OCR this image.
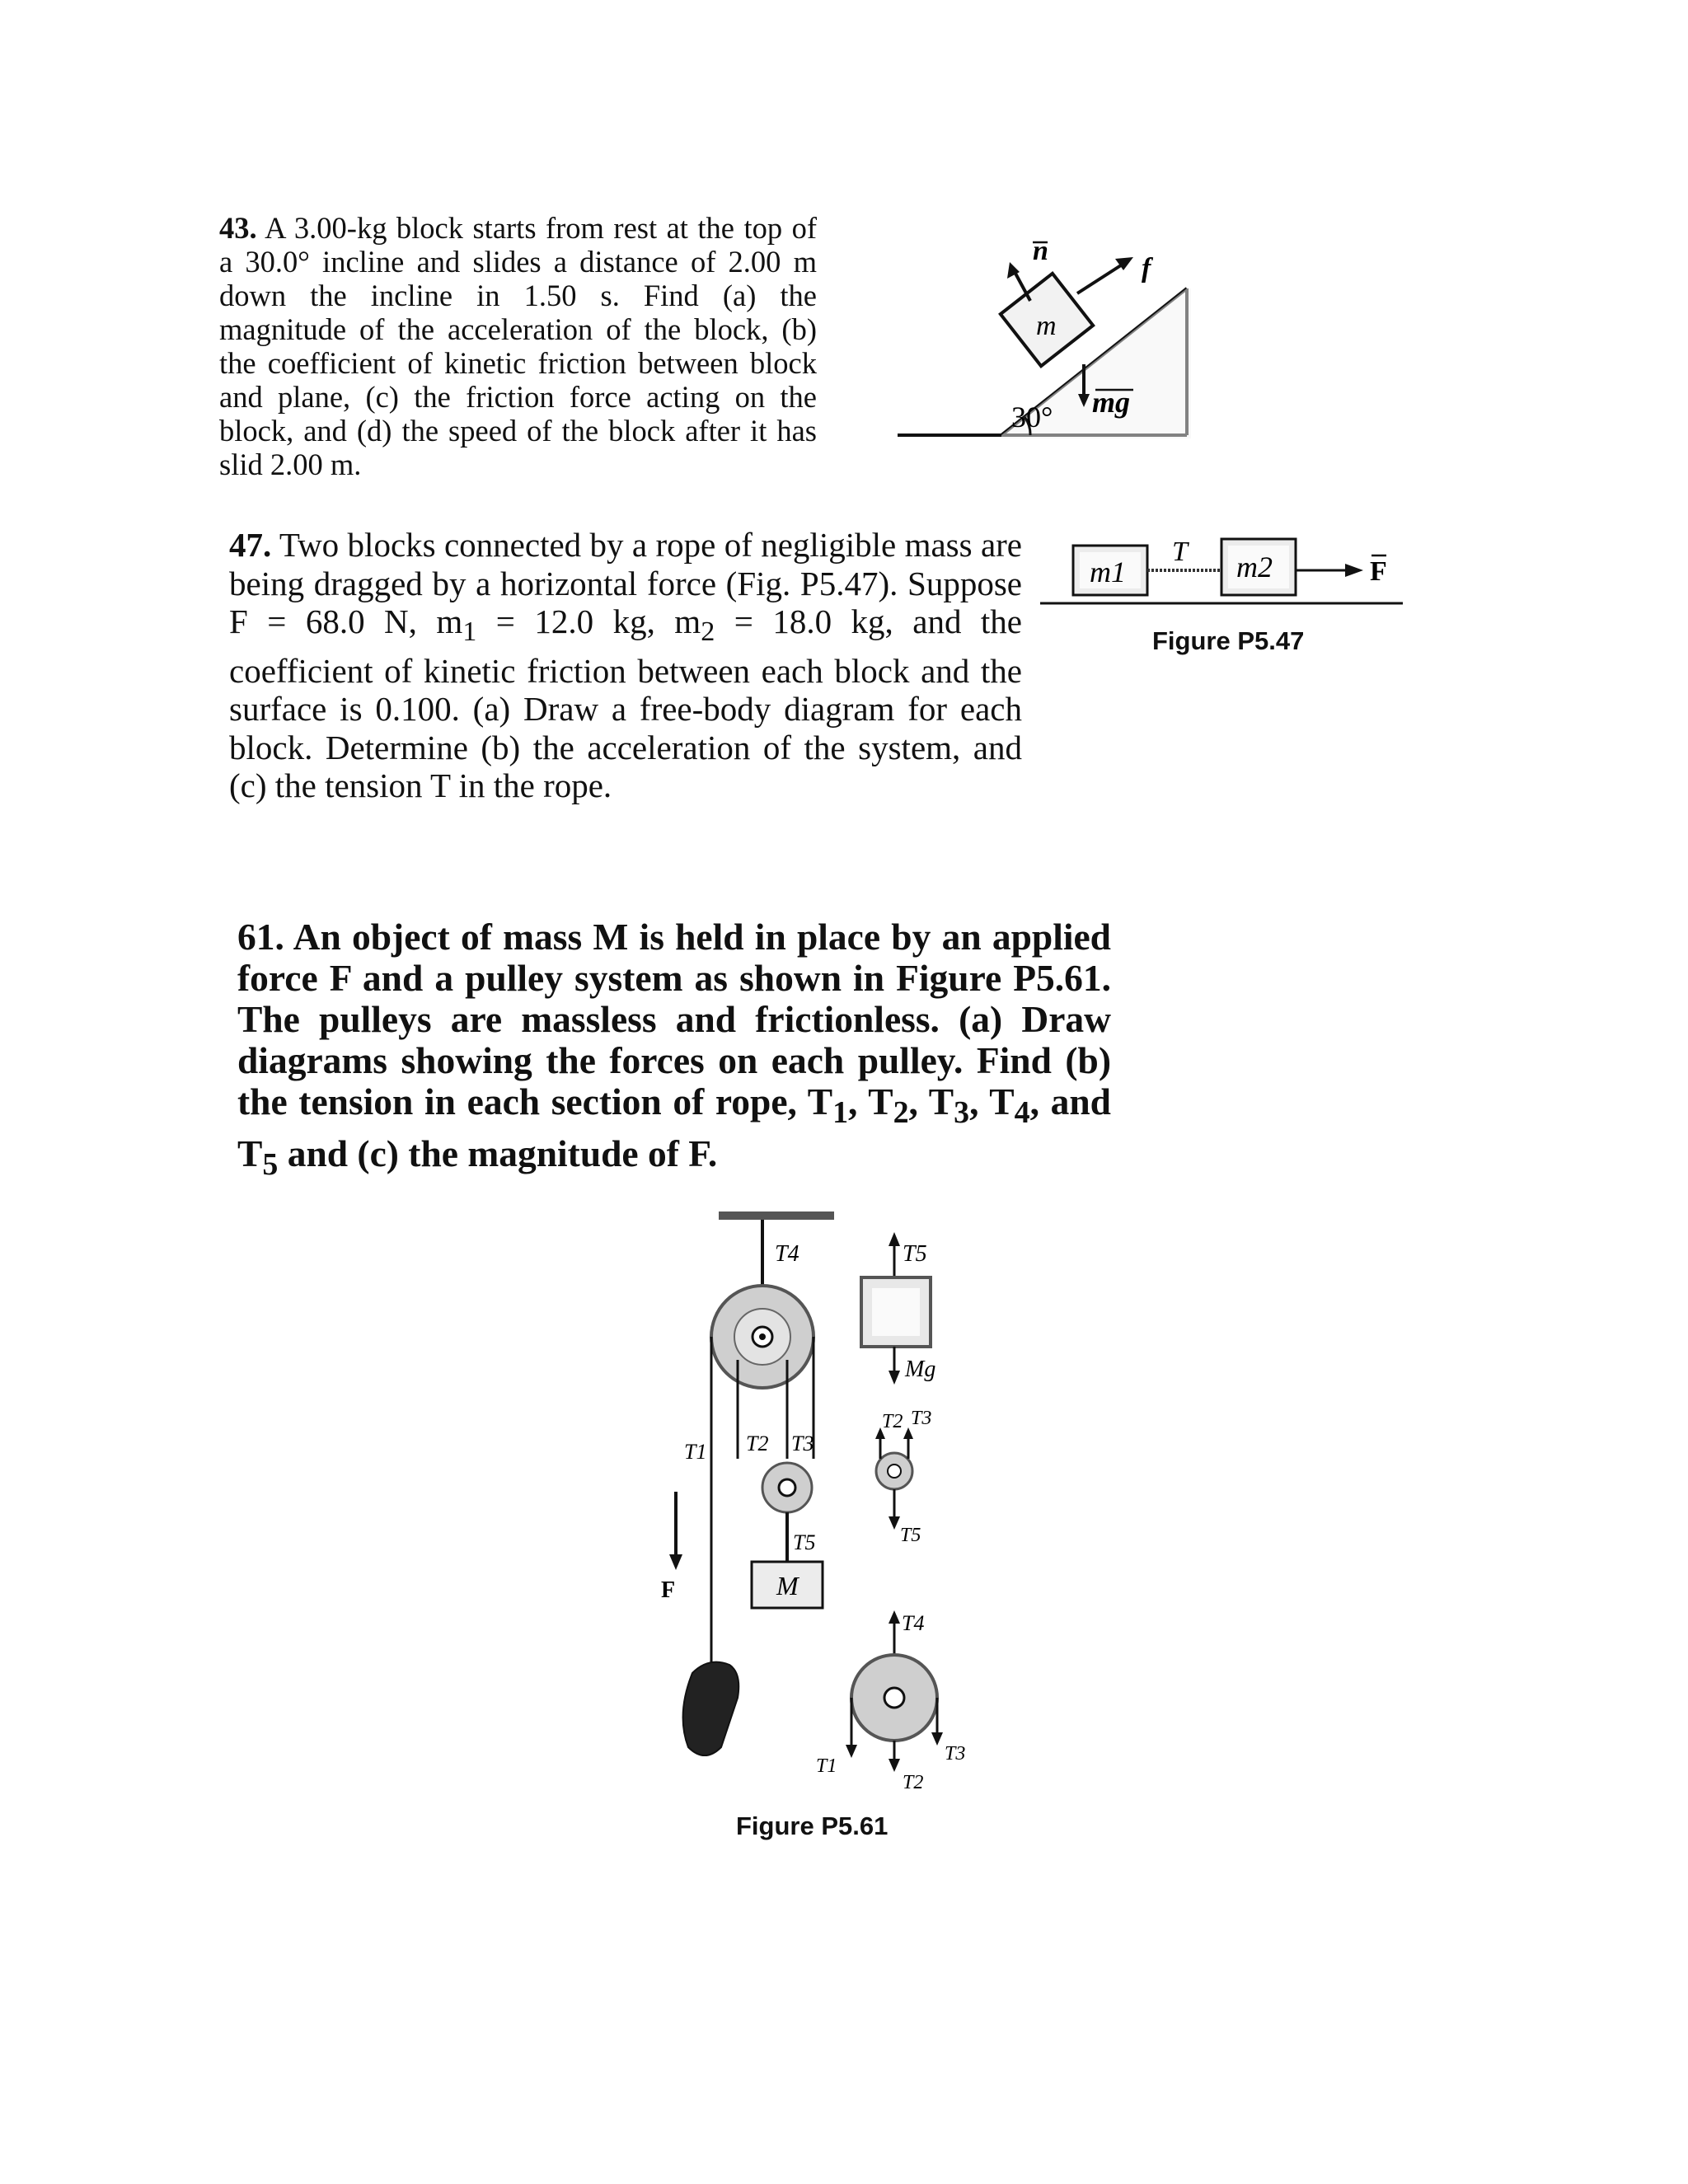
43. A 3.00-kg block starts from rest at the top of a 30.0° incline and slides a distance of 2.00 m down the incline in 1.50 s. Find (a) the magnitude of the acceleration of the block, (b) the coefficient of kinetic friction between block and plane, (c) the friction force acting on the block, and (d) the speed of the block after it has slid 2.00 m.
n
f
m
30° mg
47. Two blocks connected by a rope of negligible mass are being dragged by a horizontal force (Fig. P5.47). Suppose F = 68.0 N, $m_1 = 12.0$ kg, $m_2 = 18.0$ kg, and the coefficient of kinetic friction between each block and the surface is 0.100. (a) Draw a free-body diagram for each block. Determine (b) the acceleration of the system, and (c) the tension T in the rope.
m1	m2
T
F
Figure P5.47
61. An object of mass M is held in place by an applied force F and a pulley system as shown in Figure P5.61. The pulleys are massless and frictionless. (a) Draw diagrams showing the forces on each pulley. Find (b) the tension in each section of rope, $T_1$, $T_2$, $T_3$, $T_4$, and $T_5$ and (c) the magnitude of F.
M
F
T4
T1 T2 T3
T5
T5
Mg
T2 T3
T5
T4
T1
T2
T3
Figure P5.61
